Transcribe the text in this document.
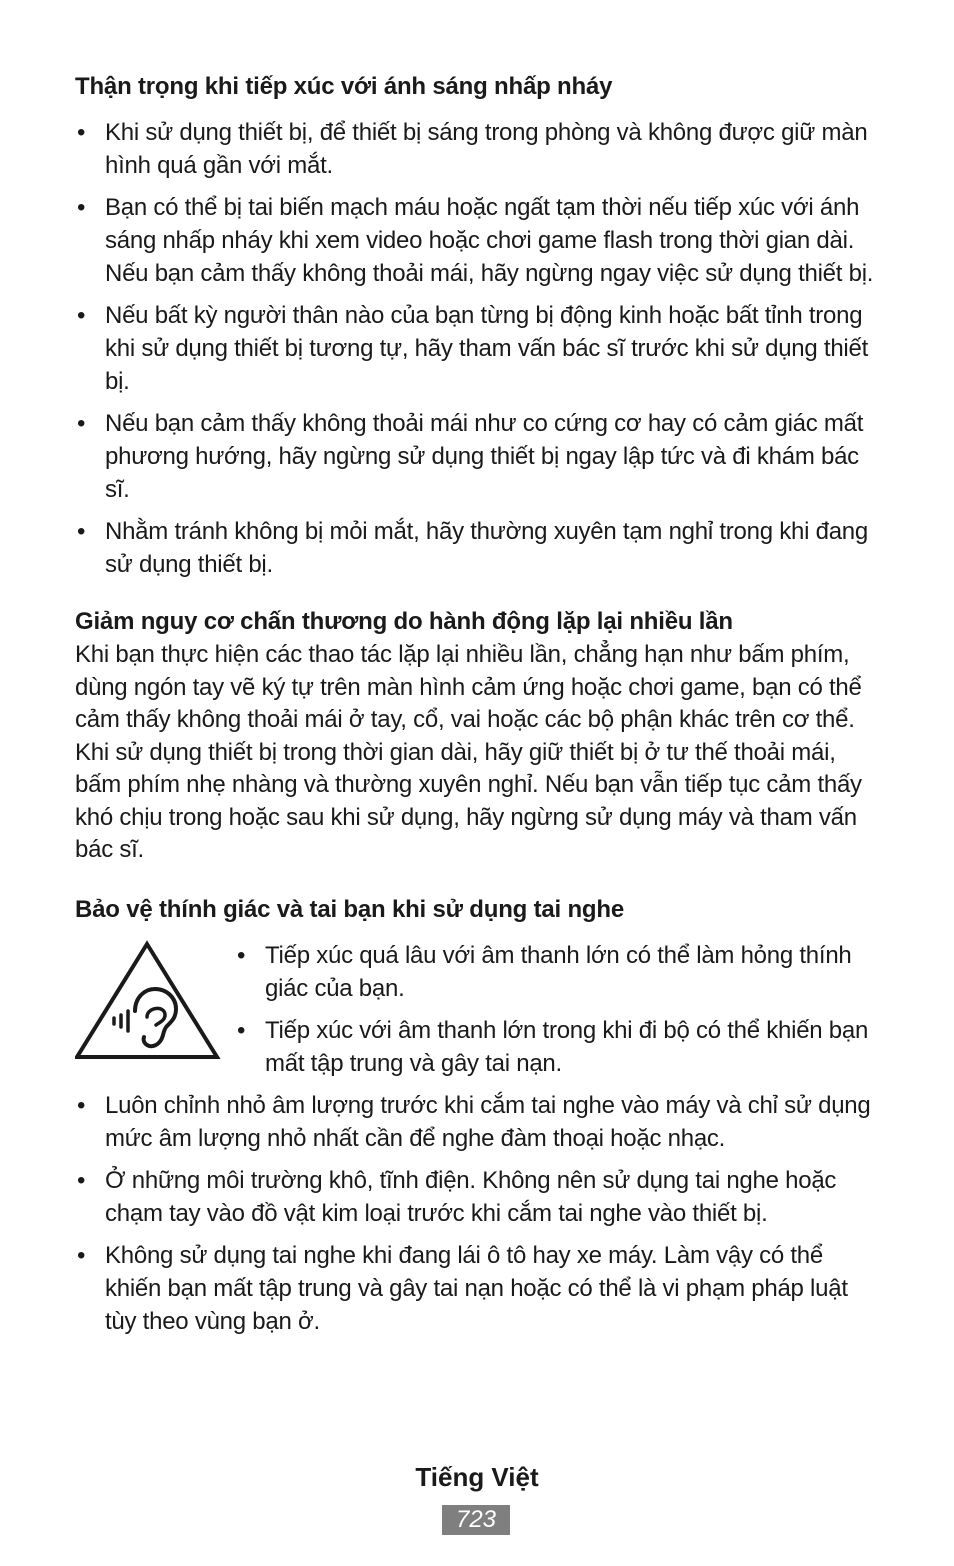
Thận trọng khi tiếp xúc với ánh sáng nhấp nháy
• Khi sử dụng thiết bị, để thiết bị sáng trong phòng và không được giữ màn hình quá gần với mắt.
• Bạn có thể bị tai biến mạch máu hoặc ngất tạm thời nếu tiếp xúc với ánh sáng nhấp nháy khi xem video hoặc chơi game flash trong thời gian dài. Nếu bạn cảm thấy không thoải mái, hãy ngừng ngay việc sử dụng thiết bị.
• Nếu bất kỳ người thân nào của bạn từng bị động kinh hoặc bất tỉnh trong khi sử dụng thiết bị tương tự, hãy tham vấn bác sĩ trước khi sử dụng thiết bị.
• Nếu bạn cảm thấy không thoải mái như co cứng cơ hay có cảm giác mất phương hướng, hãy ngừng sử dụng thiết bị ngay lập tức và đi khám bác sĩ.
• Nhằm tránh không bị mỏi mắt, hãy thường xuyên tạm nghỉ trong khi đang sử dụng thiết bị.
Giảm nguy cơ chấn thương do hành động lặp lại nhiều lần

Khi bạn thực hiện các thao tác lặp lại nhiều lần, chẳng hạn như bấm phím, dùng ngón tay vẽ ký tự trên màn hình cảm ứng hoặc chơi game, bạn có thể cảm thấy không thoải mái ở tay, cổ, vai hoặc các bộ phận khác trên cơ thể. Khi sử dụng thiết bị trong thời gian dài, hãy giữ thiết bị ở tư thế thoải mái, bấm phím nhẹ nhàng và thường xuyên nghỉ. Nếu bạn vẫn tiếp tục cảm thấy khó chịu trong hoặc sau khi sử dụng, hãy ngừng sử dụng máy và tham vấn bác sĩ.

Bảo vệ thính giác và tai bạn khi sử dụng tai nghe
• Tiếp xúc quá lâu với âm thanh lớn có thể làm hỏng thính giác của bạn.
• Tiếp xúc với âm thanh lớn trong khi đi bộ có thể khiến bạn mất tập trung và gây tai nạn.
• Luôn chỉnh nhỏ âm lượng trước khi cắm tai nghe vào máy và chỉ sử dụng mức âm lượng nhỏ nhất cần để nghe đàm thoại hoặc nhạc.
• Ở những môi trường khô, tĩnh điện. Không nên sử dụng tai nghe hoặc chạm tay vào đồ vật kim loại trước khi cắm tai nghe vào thiết bị.
• Không sử dụng tai nghe khi đang lái ô tô hay xe máy. Làm vậy có thể khiến bạn mất tập trung và gây tai nạn hoặc có thể là vi phạm pháp luật tùy theo vùng bạn ở.
Tiếng Việt
723
